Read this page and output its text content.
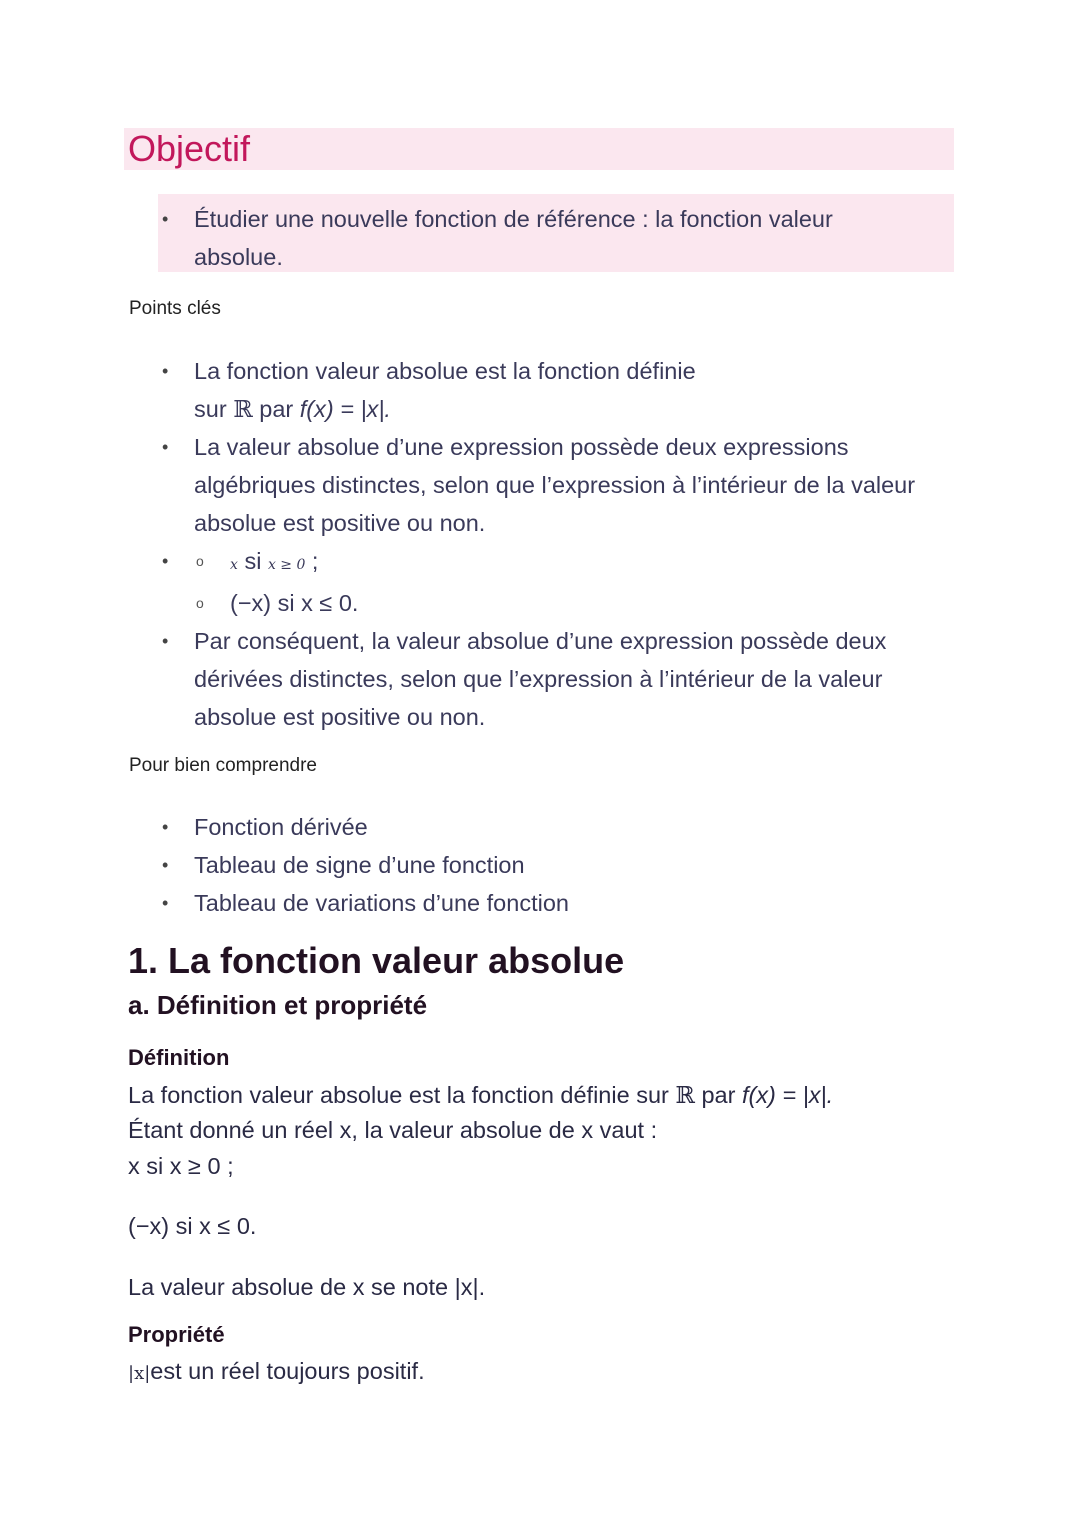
Objectif
• Étudier une nouvelle fonction de référence : la fonction valeur absolue.
Points clés
• La fonction valeur absolue est la fonction définie
sur ℝ par f(x) = |x|.
• La valeur absolue d’une expression possède deux expressions algébriques distinctes, selon que l’expression à l’intérieur de la valeur absolue est positive ou non.
o • x si x ≥ 0 ;
o (−x) si x ≤ 0.
• Par conséquent, la valeur absolue d’une expression possède deux dérivées distinctes, selon que l’expression à l’intérieur de la valeur absolue est positive ou non.
Pour bien comprendre
• Fonction dérivée
• Tableau de signe d’une fonction
• Tableau de variations d’une fonction
1. La fonction valeur absolue
a. Définition et propriété
Définition
La fonction valeur absolue est la fonction définie sur ℝ par f(x) = |x|.
Étant donné un réel x, la valeur absolue de x vaut :
x si x ≥ 0 ;
(−x) si x ≤ 0.
La valeur absolue de x se note |x|.
Propriété
|x|est un réel toujours positif.
